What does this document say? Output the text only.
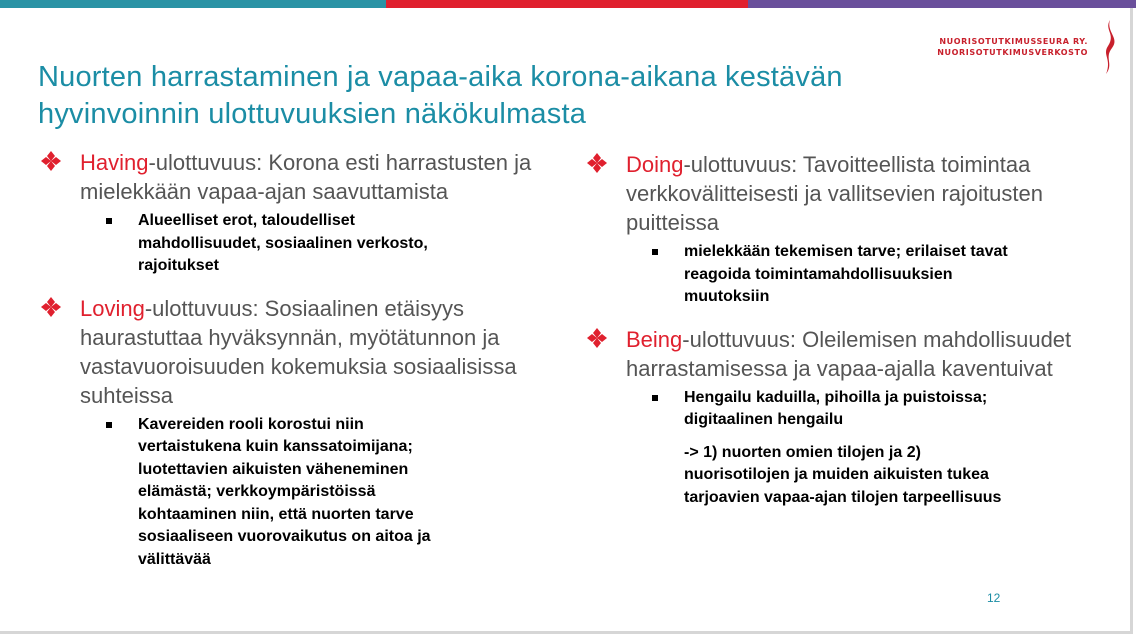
NUORISOTUTKIMUSSEURA RY.
NUORISOTUTKIMUSVERKOSTO
Nuorten harrastaminen ja vapaa-aika korona-aikana kestävän
hyvinvoinnin ulottuvuuksien näkökulmasta
Having-ulottuvuus: Korona esti harrastusten ja mielekkään vapaa-ajan saavuttamista
Alueelliset erot, taloudelliset
mahdollisuudet, sosiaalinen verkosto,
rajoitukset
Loving-ulottuvuus: Sosiaalinen etäisyys haurastuttaa hyväksynnän, myötätunnon ja vastavuoroisuuden kokemuksia sosiaalisissa suhteissa
Kavereiden rooli korostui niin
vertaistukena kuin kanssatoimijana;
luotettavien aikuisten väheneminen
elämästä; verkkoympäristöissä
kohtaaminen niin, että nuorten tarve
sosiaaliseen vuorovaikutus on aitoa ja
välittävää
Doing-ulottuvuus: Tavoitteellista toimintaa verkkovälitteisesti ja vallitsevien rajoitusten puitteissa
mielekkään tekemisen tarve; erilaiset tavat
reagoida toimintamahdollisuuksien
muutoksiin
Being-ulottuvuus: Oleilemisen mahdollisuudet harrastamisessa ja vapaa-ajalla kaventuivat
Hengailu kaduilla, pihoilla ja puistoissa;
digitaalinen hengailu
-> 1) nuorten omien tilojen ja 2)
nuorisotilojen ja muiden aikuisten tukea
tarjoavien vapaa-ajan tilojen tarpeellisuus
12
